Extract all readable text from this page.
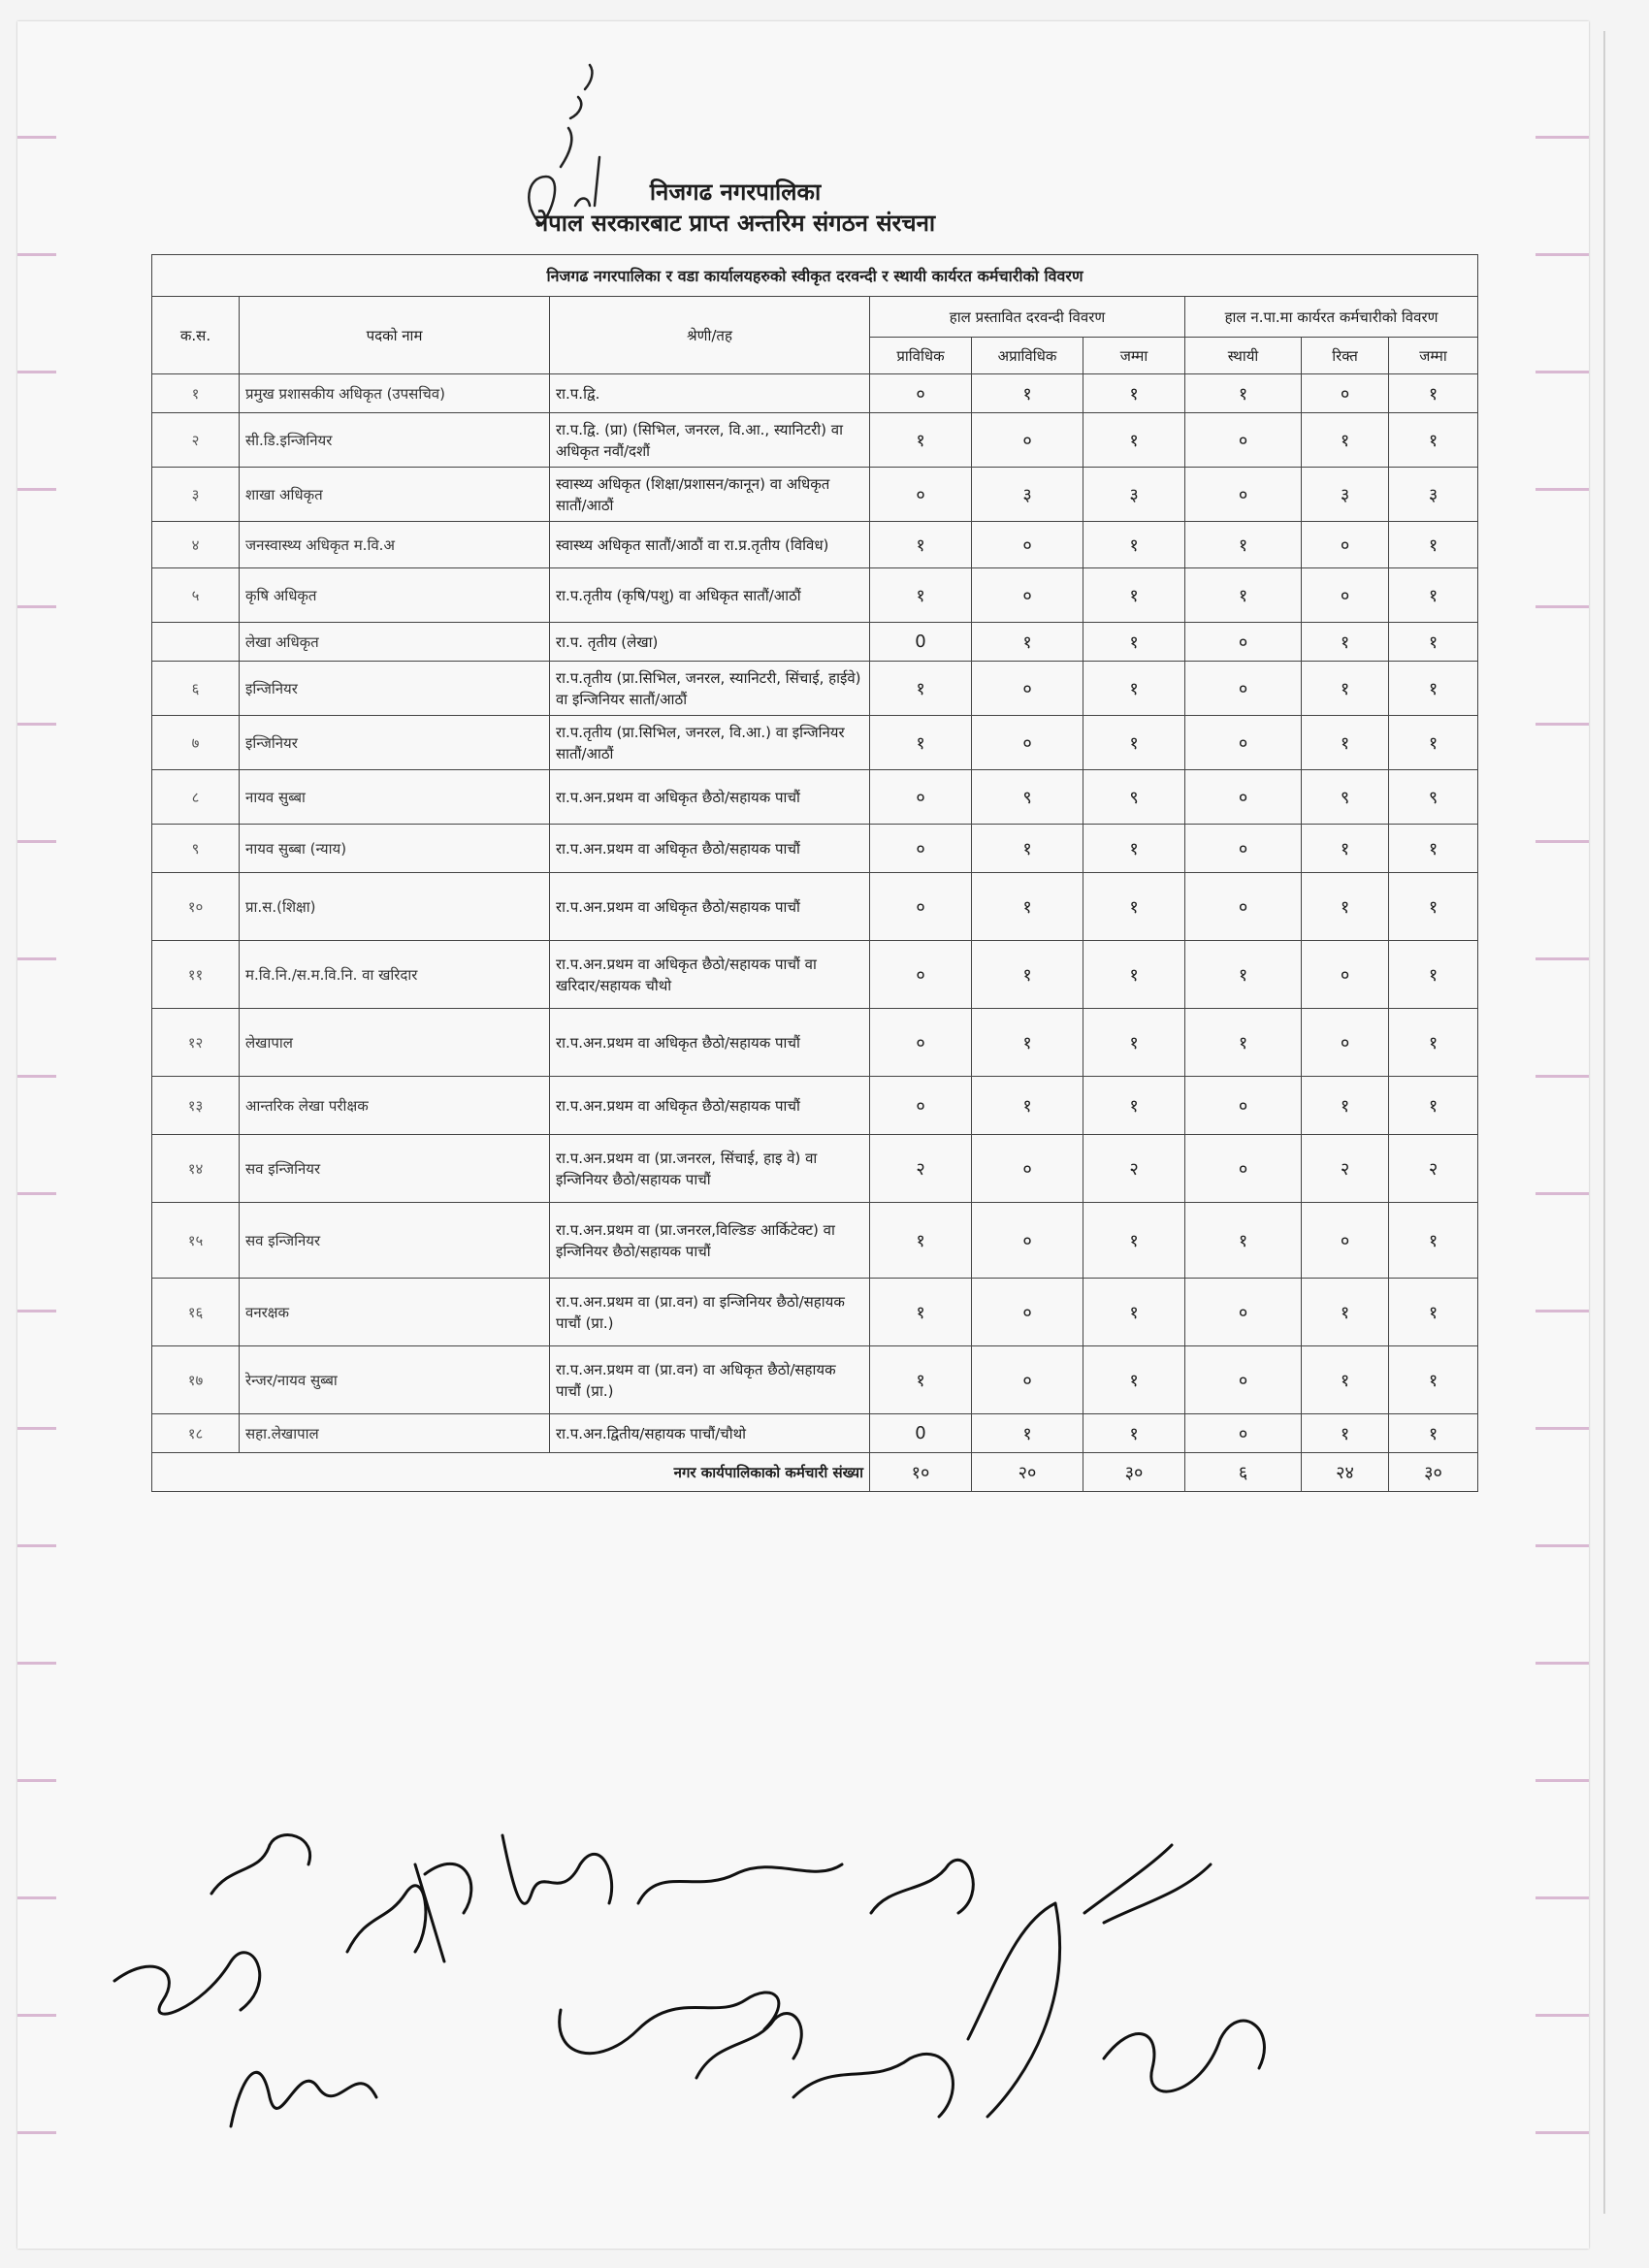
निजगढ नगरपालिका
नेपाल सरकारबाट प्राप्त अन्तरिम संगठन संरचना
निजगढ नगरपालिका र वडा कार्यालयहरुको स्वीकृत दरवन्दी र स्थायी कार्यरत कर्मचारीको विवरण								
क.स.	पदको नाम	श्रेणी/तह	हाल प्रस्तावित दरवन्दी विवरण			हाल न.पा.मा कार्यरत कर्मचारीको विवरण		
			प्राविधिक	अप्राविधिक	जम्मा	स्थायी	रिक्त	जम्मा
१	प्रमुख प्रशासकीय अधिकृत (उपसचिव)	रा.प.द्वि.	०	१	१	१	०	१
२	सी.डि.इन्जिनियर	रा.प.द्वि. (प्रा) (सिभिल, जनरल, वि.आ., स्यानिटरी) वा अधिकृत नवौं/दशौं	१	०	१	०	१	१
३	शाखा अधिकृत	स्वास्थ्य अधिकृत (शिक्षा/प्रशासन/कानून) वा अधिकृत सातौं/आठौं	०	३	३	०	३	३
४	जनस्वास्थ्य अधिकृत म.वि.अ	स्वास्थ्य अधिकृत सातौं/आठौं वा रा.प्र.तृतीय (विविध)	१	०	१	१	०	१
५	कृषि अधिकृत	रा.प.तृतीय (कृषि/पशु) वा अधिकृत सातौं/आठौं	१	०	१	१	०	१
	लेखा अधिकृत	रा.प. तृतीय (लेखा)	0	१	१	०	१	१
६	इन्जिनियर	रा.प.तृतीय (प्रा.सिभिल, जनरल, स्यानिटरी, सिंचाई, हाईवे) वा इन्जिनियर सातौं/आठौं	१	०	१	०	१	१
७	इन्जिनियर	रा.प.तृतीय (प्रा.सिभिल, जनरल, वि.आ.) वा इन्जिनियर सातौं/आठौं	१	०	१	०	१	१
८	नायव सुब्बा	रा.प.अन.प्रथम वा अधिकृत छैठो/सहायक पाचौं	०	९	९	०	९	९
९	नायव सुब्बा (न्याय)	रा.प.अन.प्रथम वा अधिकृत छैठो/सहायक पाचौं	०	१	१	०	१	१
१०	प्रा.स.(शिक्षा)	रा.प.अन.प्रथम वा अधिकृत छैठो/सहायक पाचौं	०	१	१	०	१	१
११	म.वि.नि./स.म.वि.नि. वा खरिदार	रा.प.अन.प्रथम वा अधिकृत छैठो/सहायक पाचौं वा खरिदार/सहायक चौथो	०	१	१	१	०	१
१२	लेखापाल	रा.प.अन.प्रथम वा अधिकृत छैठो/सहायक पाचौं	०	१	१	१	०	१
१३	आन्तरिक लेखा परीक्षक	रा.प.अन.प्रथम वा अधिकृत छैठो/सहायक पाचौं	०	१	१	०	१	१
१४	सव इन्जिनियर	रा.प.अन.प्रथम वा (प्रा.जनरल, सिंचाई, हाइ वे) वा इन्जिनियर छैठो/सहायक पाचौं	२	०	२	०	२	२
१५	सव इन्जिनियर	रा.प.अन.प्रथम वा (प्रा.जनरल,विल्डिङ आर्किटेक्ट) वा इन्जिनियर छैठो/सहायक पाचौं	१	०	१	१	०	१
१६	वनरक्षक	रा.प.अन.प्रथम वा (प्रा.वन) वा इन्जिनियर छैठो/सहायक पाचौं (प्रा.)	१	०	१	०	१	१
१७	रेन्जर/नायव सुब्बा	रा.प.अन.प्रथम वा (प्रा.वन) वा अधिकृत छैठो/सहायक पाचौं (प्रा.)	१	०	१	०	१	१
१८	सहा.लेखापाल	रा.प.अन.द्वितीय/सहायक पाचौं/चौथो	0	१	१	०	१	१
नगर कार्यपालिकाको कर्मचारी संख्या			१०	२०	३०	६	२४	३०
